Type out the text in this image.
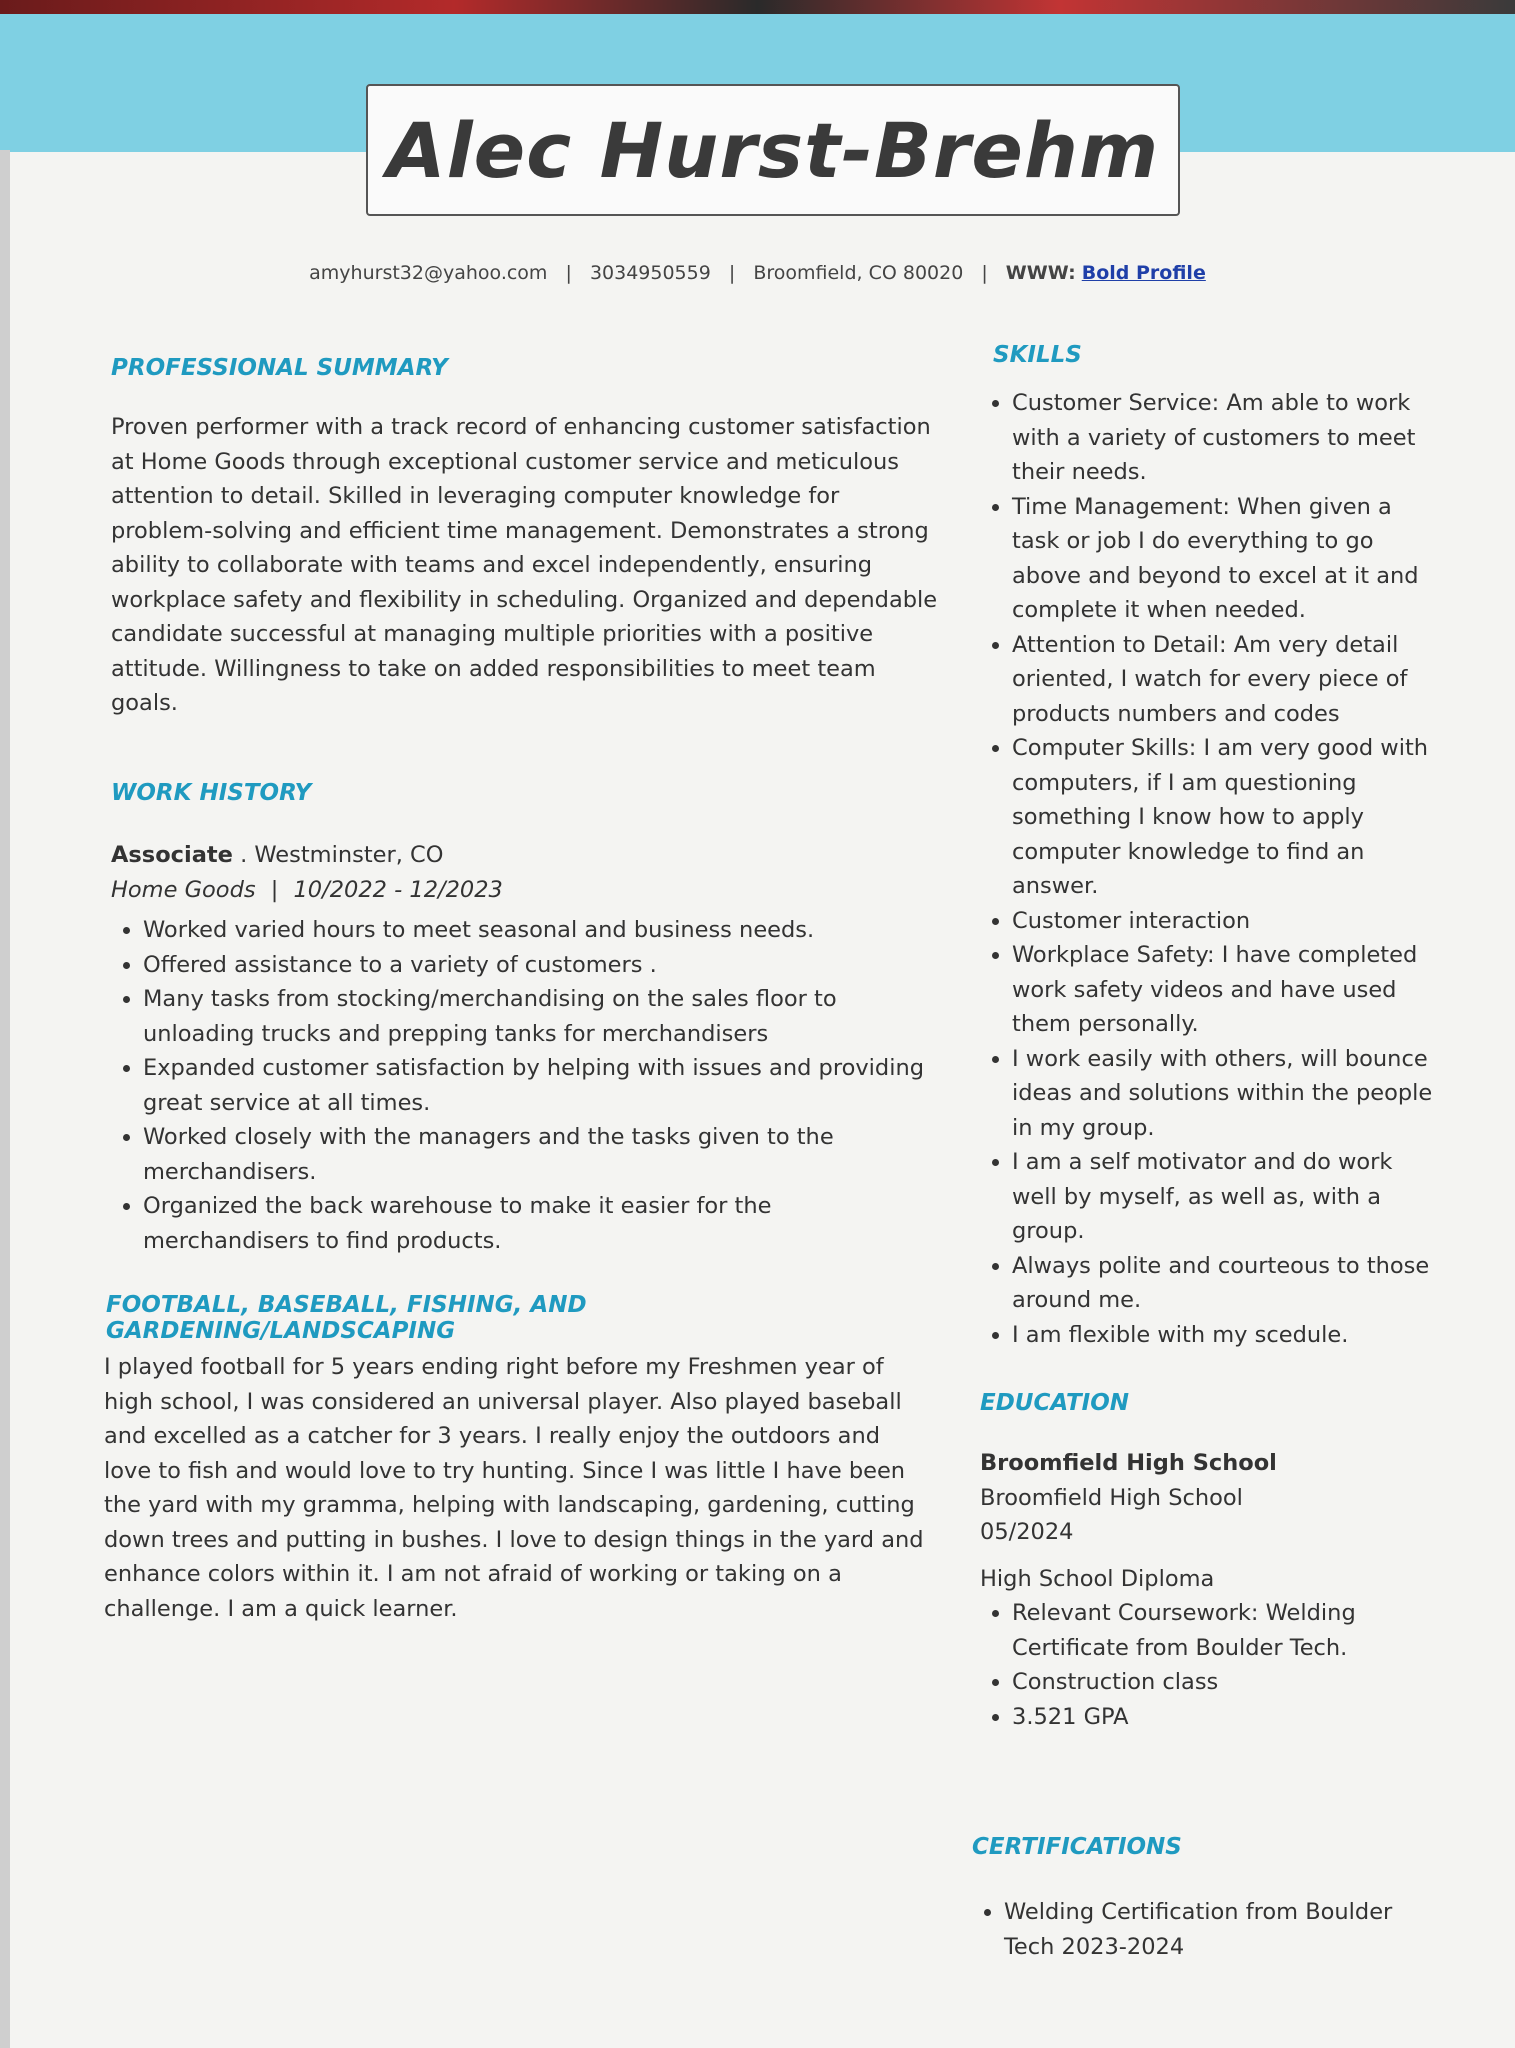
Alec Hurst-Brehm
amyhurst32@yahoo.com | 3034950559 | Broomfield, CO 80020 | WWW: Bold Profile
PROFESSIONAL SUMMARY
Proven performer with a track record of enhancing customer satisfaction at Home Goods through exceptional customer service and meticulous attention to detail. Skilled in leveraging computer knowledge for problem-solving and efficient time management. Demonstrates a strong ability to collaborate with teams and excel independently, ensuring workplace safety and flexibility in scheduling. Organized and dependable candidate successful at managing multiple priorities with a positive attitude. Willingness to take on added responsibilities to meet team goals.
WORK HISTORY
Associate . Westminster, CO
Home Goods | 10/2022 - 12/2023
• Worked varied hours to meet seasonal and business needs.
• Offered assistance to a variety of customers .
• Many tasks from stocking/merchandising on the sales floor to unloading trucks and prepping tanks for merchandisers
• Expanded customer satisfaction by helping with issues and providing great service at all times.
• Worked closely with the managers and the tasks given to the merchandisers.
• Organized the back warehouse to make it easier for the merchandisers to find products.
FOOTBALL, BASEBALL, FISHING, AND GARDENING/LANDSCAPING
I played football for 5 years ending right before my Freshmen year of high school, I was considered an universal player. Also played baseball and excelled as a catcher for 3 years. I really enjoy the outdoors and love to fish and would love to try hunting. Since I was little I have been the yard with my gramma, helping with landscaping, gardening, cutting down trees and putting in bushes. I love to design things in the yard and enhance colors within it. I am not afraid of working or taking on a challenge. I am a quick learner.
SKILLS
• Customer Service: Am able to work with a variety of customers to meet their needs.
• Time Management: When given a task or job I do everything to go above and beyond to excel at it and complete it when needed.
• Attention to Detail: Am very detail oriented, I watch for every piece of products numbers and codes
• Computer Skills: I am very good with computers, if I am questioning something I know how to apply computer knowledge to find an answer.
• Customer interaction
• Workplace Safety: I have completed work safety videos and have used them personally.
• I work easily with others, will bounce ideas and solutions within the people in my group.
• I am a self motivator and do work well by myself, as well as, with a group.
• Always polite and courteous to those around me.
• I am flexible with my scedule.
EDUCATION
Broomfield High School
Broomfield High School
05/2024
High School Diploma
• Relevant Coursework: Welding Certificate from Boulder Tech.
• Construction class
• 3.521 GPA
CERTIFICATIONS
• Welding Certification from Boulder Tech 2023-2024
